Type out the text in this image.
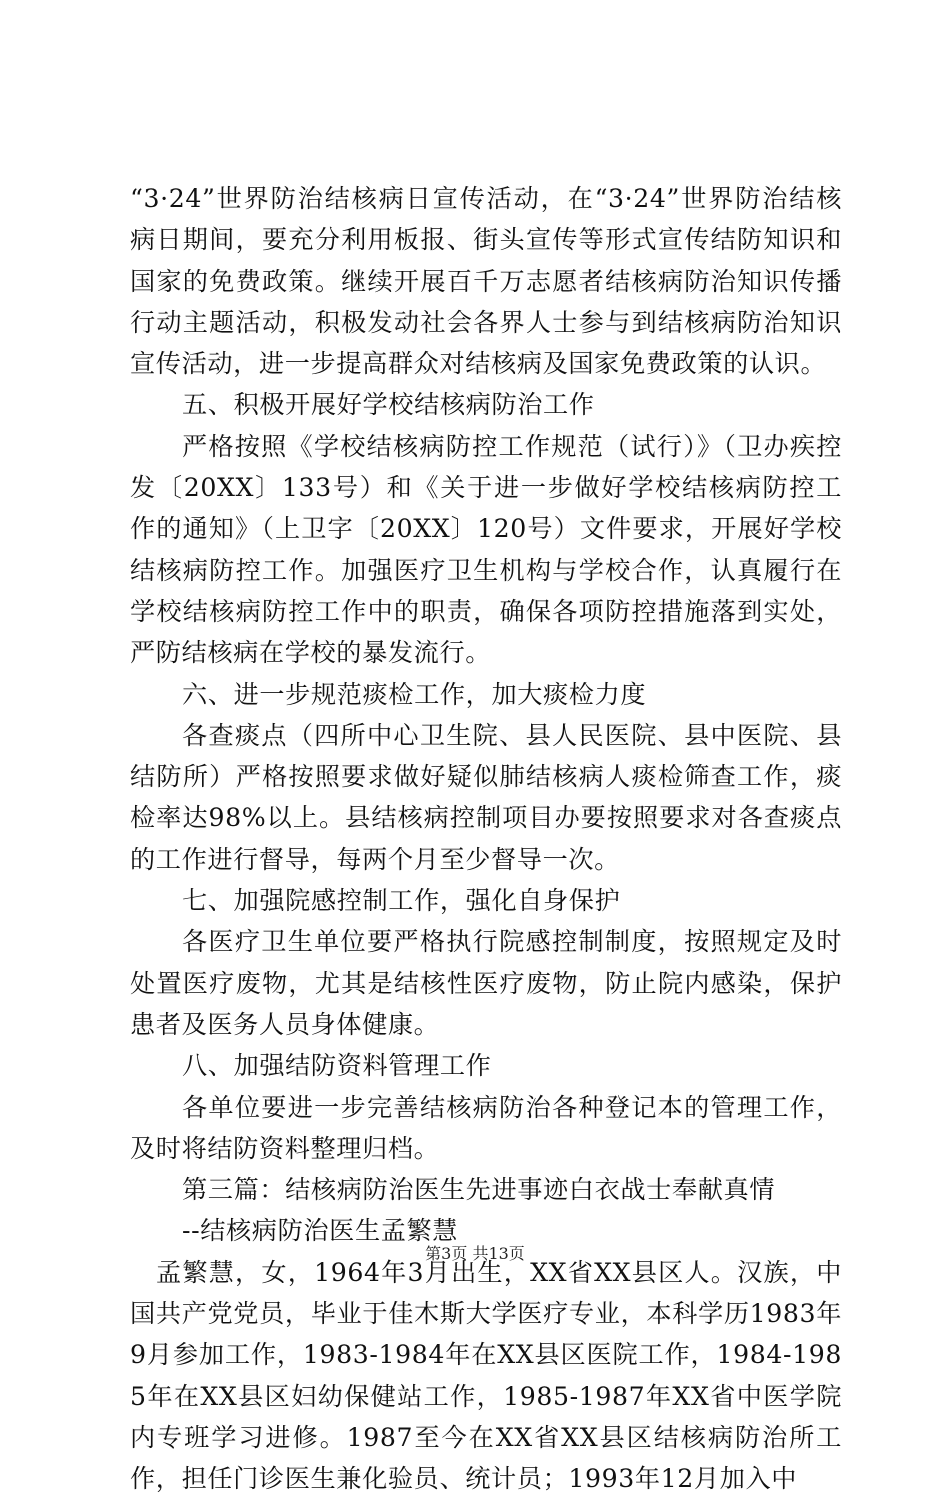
“3·24”世界防治结核病日宣传活动，在“3·24”世界防治结核病日期间，要充分利用板报、街头宣传等形式宣传结防知识和国家的免费政策。继续开展百千万志愿者结核病防治知识传播行动主题活动，积极发动社会各界人士参与到结核病防治知识宣传活动，进一步提高群众对结核病及国家免费政策的认识。

五、积极开展好学校结核病防治工作

严格按照《学校结核病防控工作规范（试行）》（卫办疾控发〔20XX〕133号）和《关于进一步做好学校结核病防控工作的通知》（上卫字〔20XX〕120号）文件要求，开展好学校结核病防控工作。加强医疗卫生机构与学校合作，认真履行在学校结核病防控工作中的职责，确保各项防控措施落到实处，严防结核病在学校的暴发流行。

六、进一步规范痰检工作，加大痰检力度

各查痰点（四所中心卫生院、县人民医院、县中医院、县结防所）严格按照要求做好疑似肺结核病人痰检筛查工作，痰检率达98%以上。县结核病控制项目办要按照要求对各查痰点的工作进行督导，每两个月至少督导一次。

七、加强院感控制工作，强化自身保护

各医疗卫生单位要严格执行院感控制制度，按照规定及时处置医疗废物，尤其是结核性医疗废物，防止院内感染，保护患者及医务人员身体健康。

八、加强结防资料管理工作

各单位要进一步完善结核病防治各种登记本的管理工作，及时将结防资料整理归档。

第三篇：结核病防治医生先进事迹白衣战士奉献真情

--结核病防治医生孟繁慧

孟繁慧，女，1964年3月出生，XX省XX县区人。汉族，中国共产党党员，毕业于佳木斯大学医疗专业，本科学历1983年9月参加工作，1983-1984年在XX县区医院工作，1984-1985年在XX县区妇幼保健站工作，1985-1987年XX省中医学院内专班学习进修。1987至今在XX省XX县区结核病防治所工作，担任门诊医生兼化验员、统计员；1993年12月加入中

第3页 共13页
